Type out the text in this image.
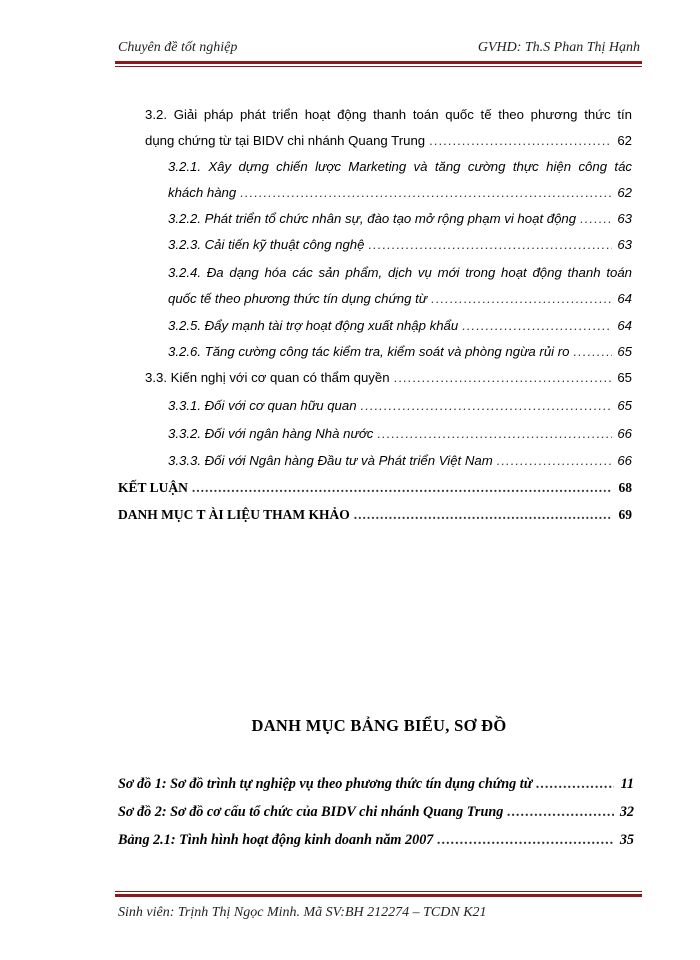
Chuyên đề tốt nghiệp	GVHD: Th.S Phan Thị Hạnh
3.2. Giải pháp phát triển hoạt động thanh toán quốc tế theo phương thức tín
dụng chứng từ tại BIDV chi nhánh Quang Trung .....	62
3.2.1. Xây dựng chiến lược Marketing và tăng cường thực hiện công tác
khách hàng .....	62
3.2.2. Phát triển tổ chức nhân sự, đào tạo mở rộng phạm vi hoạt động .....	63
3.2.3. Cải tiến kỹ thuật công nghệ .....	63
3.2.4. Đa dạng hóa các sản phẩm, dịch vụ mới trong hoạt động thanh toán
quốc tế theo phương thức tín dụng chứng từ .....	64
3.2.5. Đẩy mạnh tài trợ hoạt động xuất nhập khẩu .....	64
3.2.6. Tăng cường công tác kiểm tra, kiểm soát và phòng ngừa rủi ro .....	65
3.3. Kiến nghị với cơ quan có thẩm quyền .....	65
3.3.1. Đối với cơ quan hữu quan .....	65
3.3.2. Đối với ngân hàng Nhà nước .....	66
3.3.3. Đối với Ngân hàng Đầu tư và Phát triển Việt Nam .....	66
KẾT LUẬN .....	68
DANH MỤC T ÀI LIỆU THAM KHẢO .....	69
DANH MỤC BẢNG BIỂU, SƠ ĐỒ
Sơ đồ 1: Sơ đồ trình tự nghiệp vụ theo phương thức tín dụng chứng từ .....	11
Sơ đồ 2: Sơ đồ cơ cấu tổ chức của BIDV chi nhánh Quang Trung .....	32
Bảng 2.1: Tình hình hoạt động kinh doanh năm 2007 .....	35
Sinh viên: Trịnh Thị Ngọc Minh. Mã SV:BH 212274 – TCDN K21
